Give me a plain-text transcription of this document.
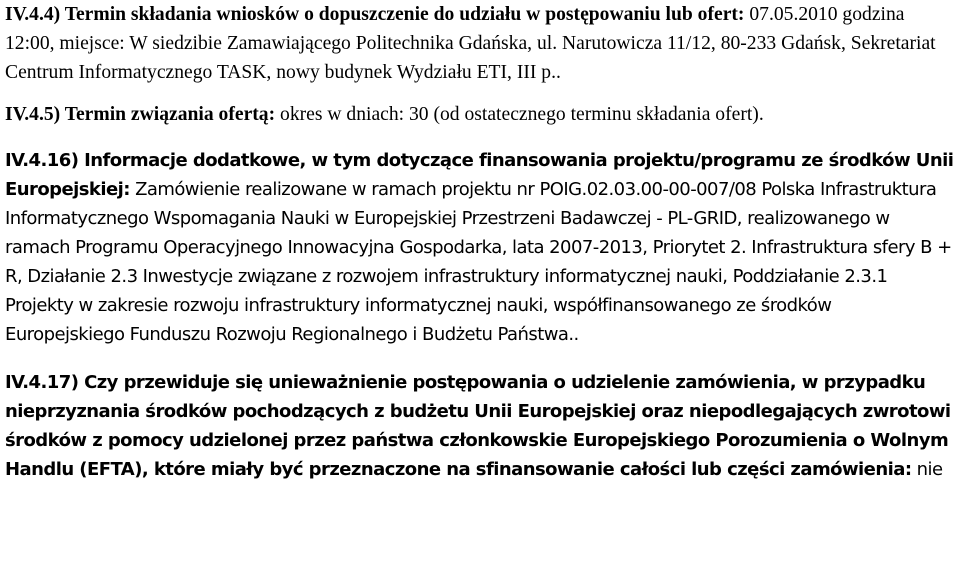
IV.4.4) Termin składania wniosków o dopuszczenie do udziału w postępowaniu lub ofert: 07.05.2010 godzina 12:00, miejsce: W siedzibie Zamawiającego Politechnika Gdańska, ul. Narutowicza 11/12, 80-233 Gdańsk, Sekretariat Centrum Informatycznego TASK, nowy budynek Wydziału ETI, III p..

IV.4.5) Termin związania ofertą: okres w dniach: 30 (od ostatecznego terminu składania ofert).

IV.4.16) Informacje dodatkowe, w tym dotyczące finansowania projektu/programu ze środków Unii Europejskiej: Zamówienie realizowane w ramach projektu nr POIG.02.03.00-00-007/08 Polska Infrastruktura Informatycznego Wspomagania Nauki w Europejskiej Przestrzeni Badawczej - PL-GRID, realizowanego w ramach Programu Operacyjnego Innowacyjna Gospodarka, lata 2007-2013, Priorytet 2. Infrastruktura sfery B + R, Działanie 2.3 Inwestycje związane z rozwojem infrastruktury informatycznej nauki, Poddziałanie 2.3.1 Projekty w zakresie rozwoju infrastruktury informatycznej nauki, współfinansowanego ze środków Europejskiego Funduszu Rozwoju Regionalnego i Budżetu Państwa..

IV.4.17) Czy przewiduje się unieważnienie postępowania o udzielenie zamówienia, w przypadku nieprzyznania środków pochodzących z budżetu Unii Europejskiej oraz niepodlegających zwrotowi środków z pomocy udzielonej przez państwa członkowskie Europejskiego Porozumienia o Wolnym Handlu (EFTA), które miały być przeznaczone na sfinansowanie całości lub części zamówienia: nie
